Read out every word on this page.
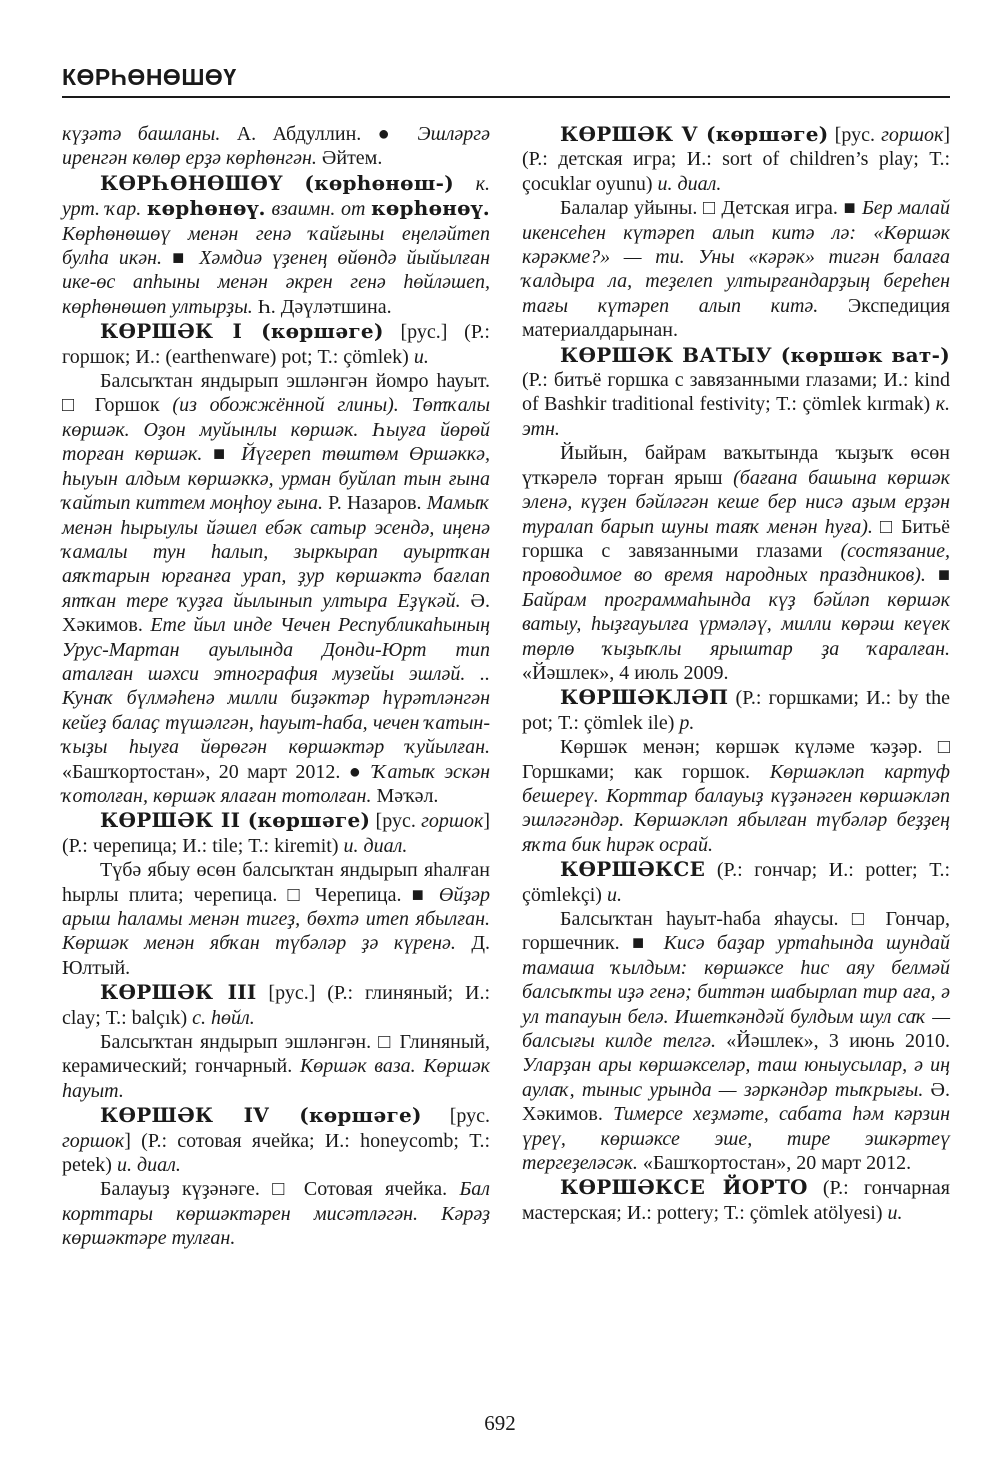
КӨРҺӨНӨШӨҮ

күҙәтә башланы. А. Абдуллин. ● Эшләргә иренгән көлөр ерҙә көрһөнгән. Әйтем.

КӨРҺӨНӨШӨҮ (көрһөнөш-) к. урт. ҡар. көрһөнөү. взаимн. от көрһөнөү. Көрһөнөшөү менән генә ҡайғыны еңеләйтеп булһа икән. ■ Хәмдиә үҙенең өйөндә йыйылған ике-өс апһыны менән әкрен генә һөйләшеп, көрһөнөшөп ултырҙы. Һ. Дәүләтшина.

КӨРШӘК I (көршәге) [рус.] (Р.: горшок; И.: (earthenware) pot; Т.: çömlek) и.

Балсыҡтан яндырып эшләнгән йомро һауыт. □ Горшок (из обожжённой глины). Төтҡалы көршәк. Оҙон муйынлы көршәк. Һыуға йөрөй торған көршәк. ■ Йүгереп төштөм Өршәккә, һыуын алдым көршәккә, урман буйлап тын ғына ҡайтып киттем моңһоу ғына. Р. Назаров. Мамыҡ менән һырыулы йәшел ебәк сатыр эсендә, иңенә ҡамалы тун һалып, зыркырап ауыртҡан аяҡтарын юрғанға урап, ҙур көршәктә бағлап ятҡан тере ҡуҙға йылынып ултыра Еҙүкәй. Ә. Хәкимов. Ете йыл инде Чечен Республикаһының Урус-Мартан ауылында Донди-Юрт тип аталған шәхси этнография музейы эшләй. .. Кунаҡ бүлмәһенә милли биҙәктәр һүрәтләнгән кейеҙ балаҫ түшәлгән, һауыт-һаба, чечен ҡатын-ҡыҙы һыуға йөрөгән көршәктәр ҡуйылған. «Башҡортостан», 20 март 2012. ● Ҡатыҡ эскән ҡотолған, көршәк ялаған тотолған. Мәҡәл.

КӨРШӘК II (көршәге) [рус. горшок] (Р.: черепица; И.: tile; Т.: kiremit) и. диал.

Түбә ябыу өсөн балсыҡтан яндырып яһалған һырлы плита; черепица. □ Черепица. ■ Өйҙәр арыш һаламы менән тигеҙ, бөхтә итеп ябылған. Көршәк менән ябҡан түбәләр ҙә күренә. Д. Юлтый.

КӨРШӘК III [рус.] (Р.: глиняный; И.: clay; Т.: balçık) с. һөйл.

Балсыҡтан яндырып эшләнгән. □ Глиняный, керамический; гончарный. Көршәк ваза. Көршәк һауыт.

КӨРШӘК IV (көршәге) [рус. горшок] (Р.: сотовая ячейка; И.: honeycomb; Т.: petek) и. диал.

Балауыҙ күҙәнәге. □ Сотовая ячейка. Бал корттары көршәктәрен мисәтләгән. Кәрәҙ көршәктәре тулған.

КӨРШӘК V (көршәге) [рус. горшок] (Р.: детская игра; И.: sort of children’s play; Т.: çocuklar oyunu) и. диал.

Балалар уйыны. □ Детская игра. ■ Бер малай икенсеһен күтәреп алып китә лә: «Көршәк кәрәкме?» — ти. Уны «кәрәк» тигән балаға ҡалдыра ла, теҙелеп ултырғандарҙың береһен тағы күтәреп алып китә. Экспедиция материалдарынан.

КӨРШӘК ВАТЫУ (көршәк ват-) (Р.: битьё горшка с завязанными глазами; И.: kind of Bashkir traditional festivity; Т.: çömlek kırmak) к. этн.

Йыйын, байрам ваҡытында ҡыҙыҡ өсөн үткәрелә торған ярыш (бағана башына көршәк эленә, күҙен бәйләгән кеше бер нисә аҙым ерҙән туралап барып шуны таяҡ менән һуға). □ Битьё горшка с завязанными глазами (состязание, проводимое во время народных праздников). ■ Байрам программаһында күҙ бәйләп көршәк ватыу, һыҙғауылға үрмәләү, милли көрәш кеүек төрлө ҡыҙыҡлы ярыштар ҙа ҡаралған. «Йәшлек», 4 июль 2009.

КӨРШӘКЛӘП (Р.: горшками; И.: by the pot; Т.: çömlek ile) р.

Көршәк менән; көршәк күләме ҡәҙәр. □ Горшками; как горшок. Көршәкләп картуф бешереү. Корттар балауыҙ күҙәнәген көршәкләп эшләгәндәр. Көршәкләп ябылған түбәләр беҙҙең яҡта бик һирәк осрай.

КӨРШӘКСЕ (Р.: гончар; И.: potter; Т.: çömlekçi) и.

Балсыҡтан һауыт-һаба яһаусы. □ Гончар, горшечник. ■ Кисә баҙар уртаһында шундай тамаша ҡылдым: көршәксе һис аяу белмәй балсыҡты иҙә генә; биттән шабырлап тир аға, ә ул тапауын белә. Ишеткәндәй булдым шул саҡ — балсығы килде телгә. «Йәшлек», 3 июнь 2010. Уларҙан ары көршәкселәр, таш юныусылар, ә иң аулаҡ, тыныс урында — зәркәндәр тыҡрығы. Ә. Хәкимов. Тимерсе хеҙмәте, сабата һәм кәрзин үреү, көршәксе эше, тире эшкәртеү тергеҙеләсәк. «Башҡортостан», 20 март 2012.

КӨРШӘКСЕ ЙОРТО (Р.: гончарная мастерская; И.: pottery; Т.: çömlek atölyesi) и.

692
